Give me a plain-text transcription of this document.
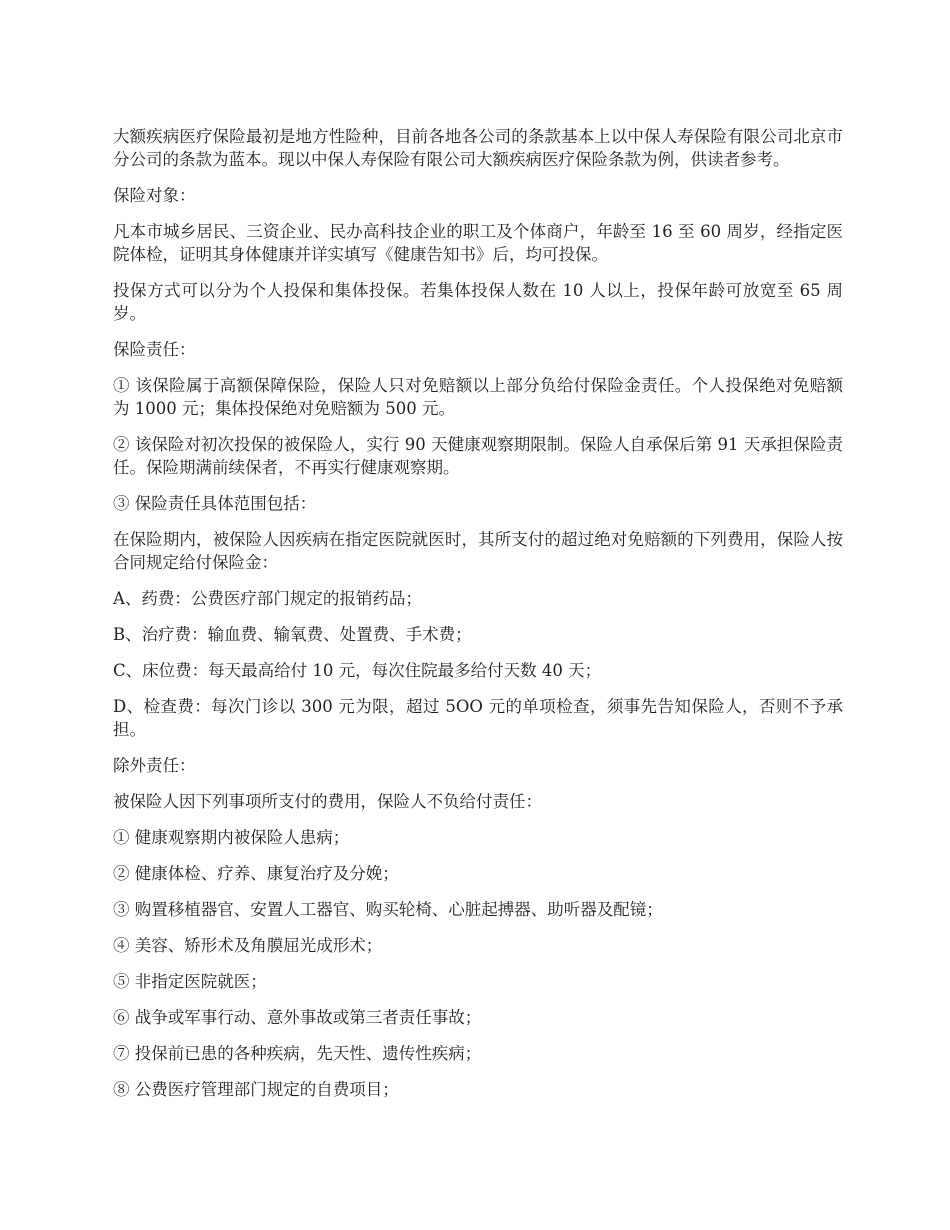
大额疾病医疗保险最初是地方性险种，目前各地各公司的条款基本上以中保人寿保险有限公司北京市分公司的条款为蓝本。现以中保人寿保险有限公司大额疾病医疗保险条款为例，供读者参考。

保险对象：

凡本市城乡居民、三资企业、民办高科技企业的职工及个体商户，年龄至 16 至 60 周岁，经指定医院体检，证明其身体健康并详实填写《健康告知书》后，均可投保。

投保方式可以分为个人投保和集体投保。若集体投保人数在 10 人以上，投保年龄可放宽至 65 周岁。

保险责任：

① 该保险属于高额保障保险，保险人只对免赔额以上部分负给付保险金责任。个人投保绝对免赔额为 1000 元；集体投保绝对免赔额为 500 元。

② 该保险对初次投保的被保险人，实行 90 天健康观察期限制。保险人自承保后第 91 天承担保险责任。保险期满前续保者，不再实行健康观察期。

③ 保险责任具体范围包括：

在保险期内，被保险人因疾病在指定医院就医时，其所支付的超过绝对免赔额的下列费用，保险人按合同规定给付保险金：

A、药费：公费医疗部门规定的报销药品；

B、治疗费：输血费、输氧费、处置费、手术费；

C、床位费：每天最高给付 10 元，每次住院最多给付天数 40 天；

D、检查费：每次门诊以 300 元为限，超过 5OO 元的单项检查，须事先告知保险人，否则不予承担。

除外责任：

被保险人因下列事项所支付的费用，保险人不负给付责任：

① 健康观察期内被保险人患病；

② 健康体检、疗养、康复治疗及分娩；

③ 购置移植器官、安置人工器官、购买轮椅、心脏起搏器、助听器及配镜；

④ 美容、矫形术及角膜屈光成形术；

⑤ 非指定医院就医；

⑥ 战争或军事行动、意外事故或第三者责任事故；

⑦ 投保前已患的各种疾病，先天性、遗传性疾病；

⑧ 公费医疗管理部门规定的自费项目；
